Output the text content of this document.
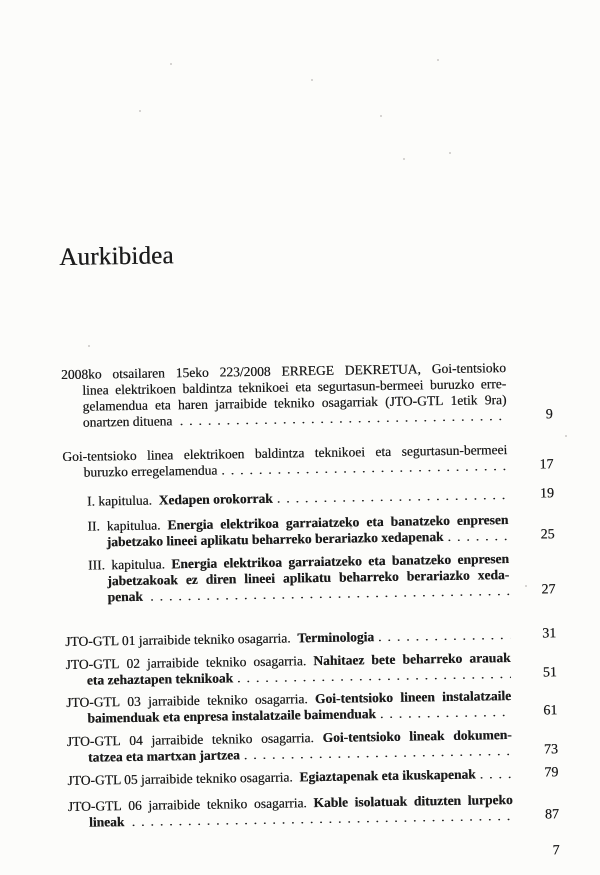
Aurkibidea
2008ko otsailaren 15eko 223/2008 ERREGE DEKRETUA, Goi-tentsioko
linea elektrikoen baldintza teknikoei eta segurtasun-bermeei buruzko erre-
gelamendua eta haren jarraibide tekniko osagarriak (JTO-GTL 1etik 9ra)
onartzen dituena .....	9
Goi-tentsioko linea elektrikoen baldintza teknikoei eta segurtasun-bermeei
buruzko erregelamendua .....	17
I. kapitulua.  Xedapen orokorrak .....	19
II. kapitulua. Energia elektrikoa garraiatzeko eta banatzeko enpresen
jabetzako lineei aplikatu beharreko berariazko xedapenak .....	25
III. kapitulua. Energia elektrikoa garraiatzeko eta banatzeko enpresen
jabetzakoak ez diren lineei aplikatu beharreko berariazko xeda-
penak .....	27
JTO-GTL 01 jarraibide tekniko osagarria.  Terminologia .....	31
JTO-GTL 02 jarraibide tekniko osagarria. Nahitaez bete beharreko arauak
eta zehaztapen teknikoak .....	51
JTO-GTL 03 jarraibide tekniko osagarria. Goi-tentsioko lineen instalatzaile
baimenduak eta enpresa instalatzaile baimenduak .....	61
JTO-GTL 04 jarraibide tekniko osagarria. Goi-tentsioko lineak dokumen-
tatzea eta martxan jartzea .....	73
JTO-GTL 05 jarraibide tekniko osagarria.  Egiaztapenak eta ikuskapenak .....	79
JTO-GTL 06 jarraibide tekniko osagarria. Kable isolatuak dituzten lurpeko
lineak .....	87
7
